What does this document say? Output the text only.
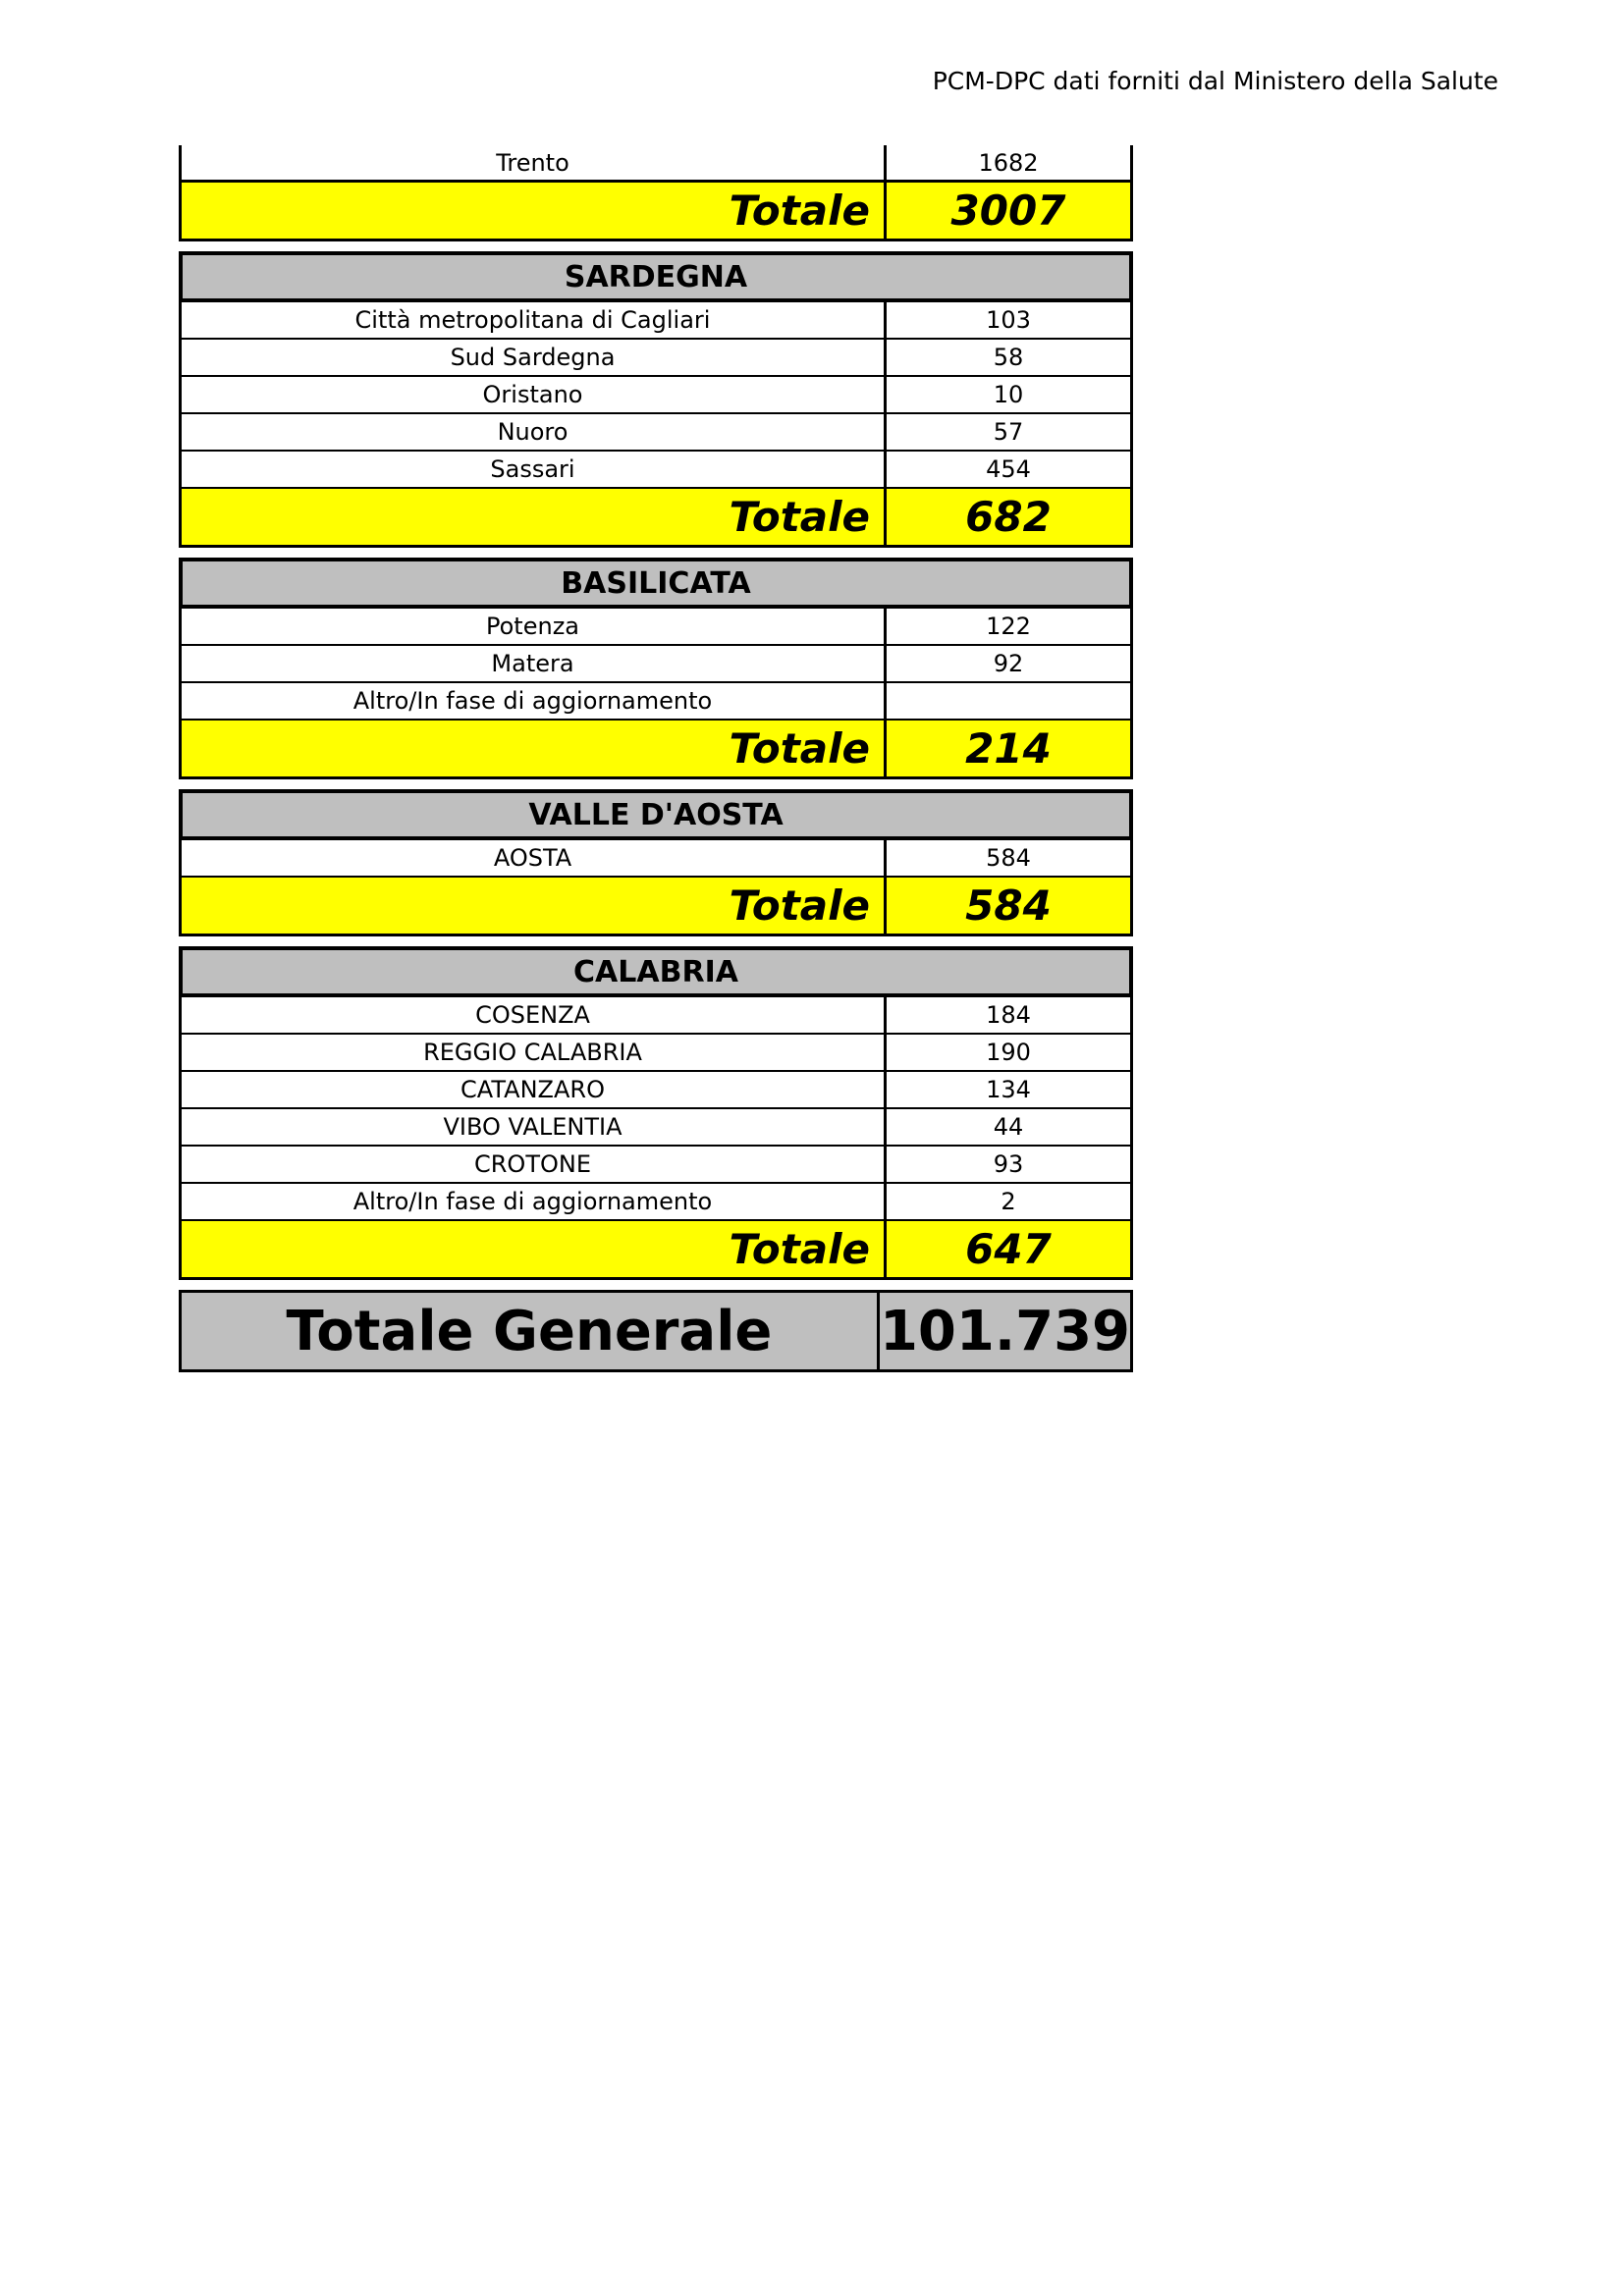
PCM-DPC dati forniti dal Ministero della Salute
Trento	1682
Totale	3007
SARDEGNA
Città metropolitana di Cagliari	103
Sud Sardegna	58
Oristano	10
Nuoro	57
Sassari	454
Totale	682
BASILICATA
Potenza	122
Matera	92
Altro/In fase di aggiornamento
Totale	214
VALLE D'AOSTA
AOSTA	584
Totale	584
CALABRIA
COSENZA	184
REGGIO CALABRIA	190
CATANZARO	134
VIBO VALENTIA	44
CROTONE	93
Altro/In fase di aggiornamento	2
Totale	647
Totale Generale	101.739
